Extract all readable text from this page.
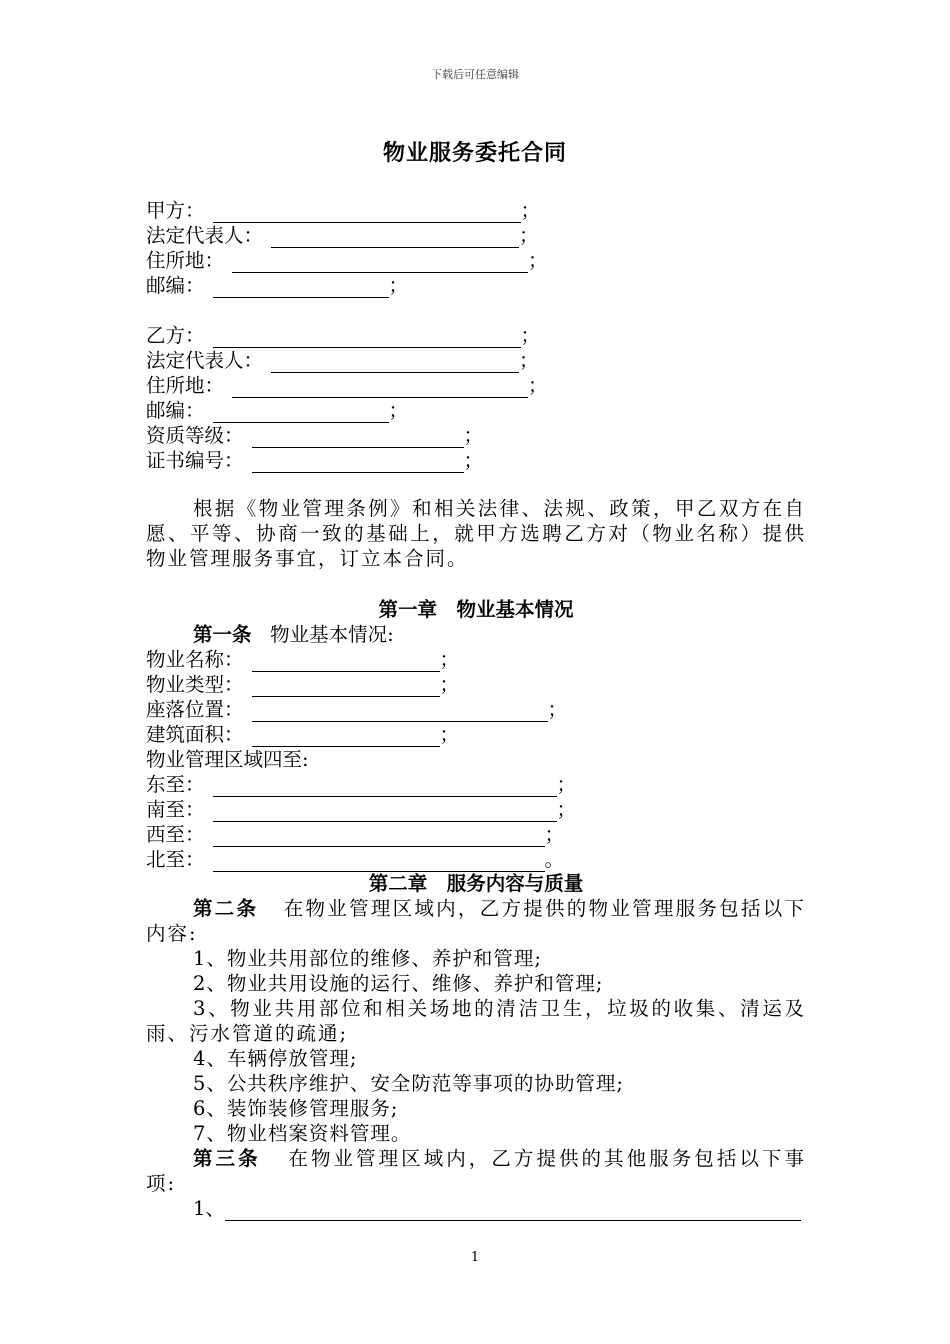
下载后可任意编辑
物业服务委托合同
甲方：	；
法定代表人：	；
住所地：	；
邮编：	；
乙方：	；
法定代表人：	；
住所地：	；
邮编：	；
资质等级：	；
证书编号：	；
根据《物业管理条例》和相关法律、法规、政策，甲乙双方在自愿、平等、协商一致的基础上，就甲方选聘乙方对（物业名称）提供物业管理服务事宜，订立本合同。
第一章　物业基本情况
第一条 物业基本情况:
物业名称：	；
物业类型：	；
座落位置：	；
建筑面积：	；
物业管理区域四至:
东至：	；
南至：	；
西至：	；
北至：	。
第二章　服务内容与质量
第二条 在物业管理区域内，乙方提供的物业管理服务包括以下内容:
1、物业共用部位的维修、养护和管理;
2、物业共用设施的运行、维修、养护和管理;
3、物业共用部位和相关场地的清洁卫生，垃圾的收集、清运及雨、污水管道的疏通;
4、车辆停放管理;
5、公共秩序维护、安全防范等事项的协助管理;
6、装饰装修管理服务;
7、物业档案资料管理。
第三条 在物业管理区域内，乙方提供的其他服务包括以下事项:
1、
1
